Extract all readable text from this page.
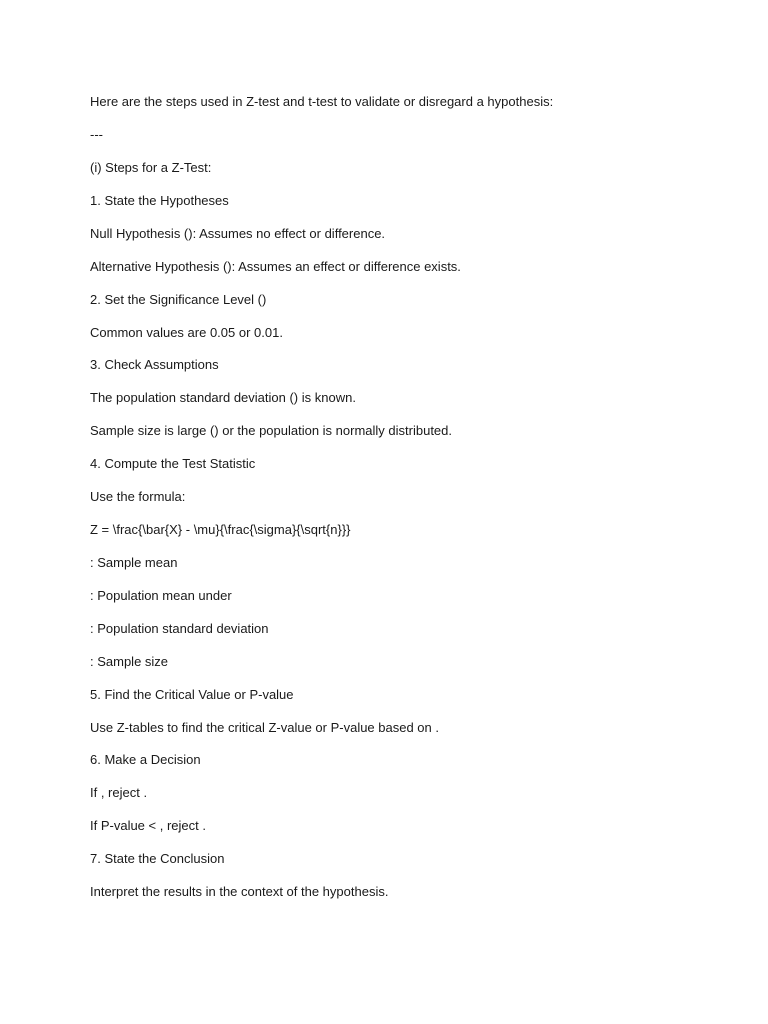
Here are the steps used in Z-test and t-test to validate or disregard a hypothesis:
---
(i) Steps for a Z-Test:
1. State the Hypotheses
Null Hypothesis (): Assumes no effect or difference.
Alternative Hypothesis (): Assumes an effect or difference exists.
2. Set the Significance Level ()
Common values are 0.05 or 0.01.
3. Check Assumptions
The population standard deviation () is known.
Sample size is large () or the population is normally distributed.
4. Compute the Test Statistic
Use the formula:
Z = \frac{\bar{X} - \mu}{\frac{\sigma}{\sqrt{n}}}
: Sample mean
: Population mean under
: Population standard deviation
: Sample size
5. Find the Critical Value or P-value
Use Z-tables to find the critical Z-value or P-value based on .
6. Make a Decision
If , reject .
If P-value < , reject .
7. State the Conclusion
Interpret the results in the context of the hypothesis.
